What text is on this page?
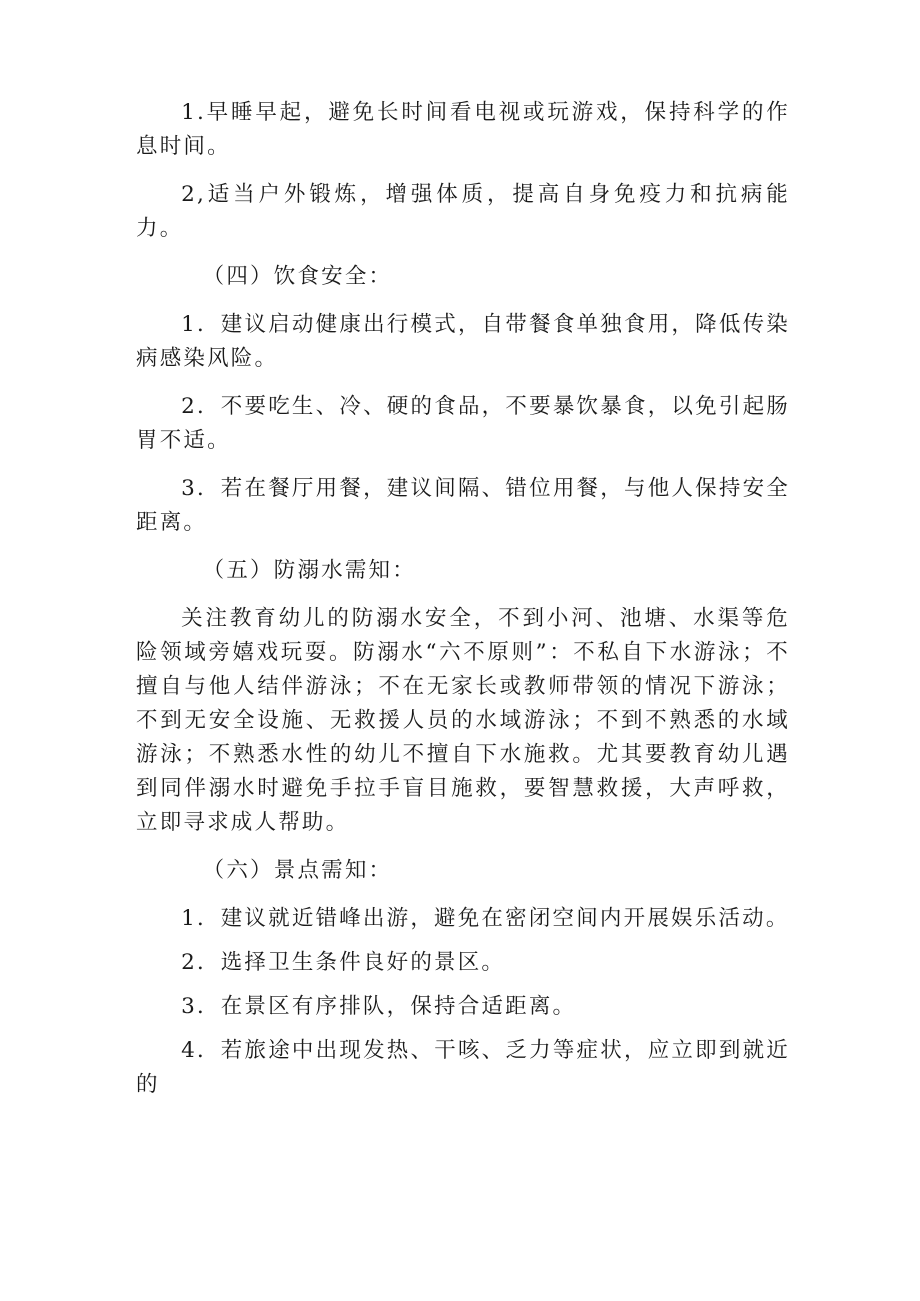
1.早睡早起，避免长时间看电视或玩游戏，保持科学的作息时间。

2,适当户外锻炼，增强体质，提高自身免疫力和抗病能力。

（四）饮食安全：

1．建议启动健康出行模式，自带餐食单独食用，降低传染病感染风险。

2．不要吃生、冷、硬的食品，不要暴饮暴食，以免引起肠胃不适。

3．若在餐厅用餐，建议间隔、错位用餐，与他人保持安全距离。

（五）防溺水需知：

关注教育幼儿的防溺水安全，不到小河、池塘、水渠等危险领域旁嬉戏玩耍。防溺水“六不原则”：不私自下水游泳；不擅自与他人结伴游泳；不在无家长或教师带领的情况下游泳；不到无安全设施、无救援人员的水域游泳；不到不熟悉的水域游泳；不熟悉水性的幼儿不擅自下水施救。尤其要教育幼儿遇到同伴溺水时避免手拉手盲目施救，要智慧救援，大声呼救，立即寻求成人帮助。

（六）景点需知：

1．建议就近错峰出游，避免在密闭空间内开展娱乐活动。

2．选择卫生条件良好的景区。

3．在景区有序排队，保持合适距离。

4．若旅途中出现发热、干咳、乏力等症状，应立即到就近的
